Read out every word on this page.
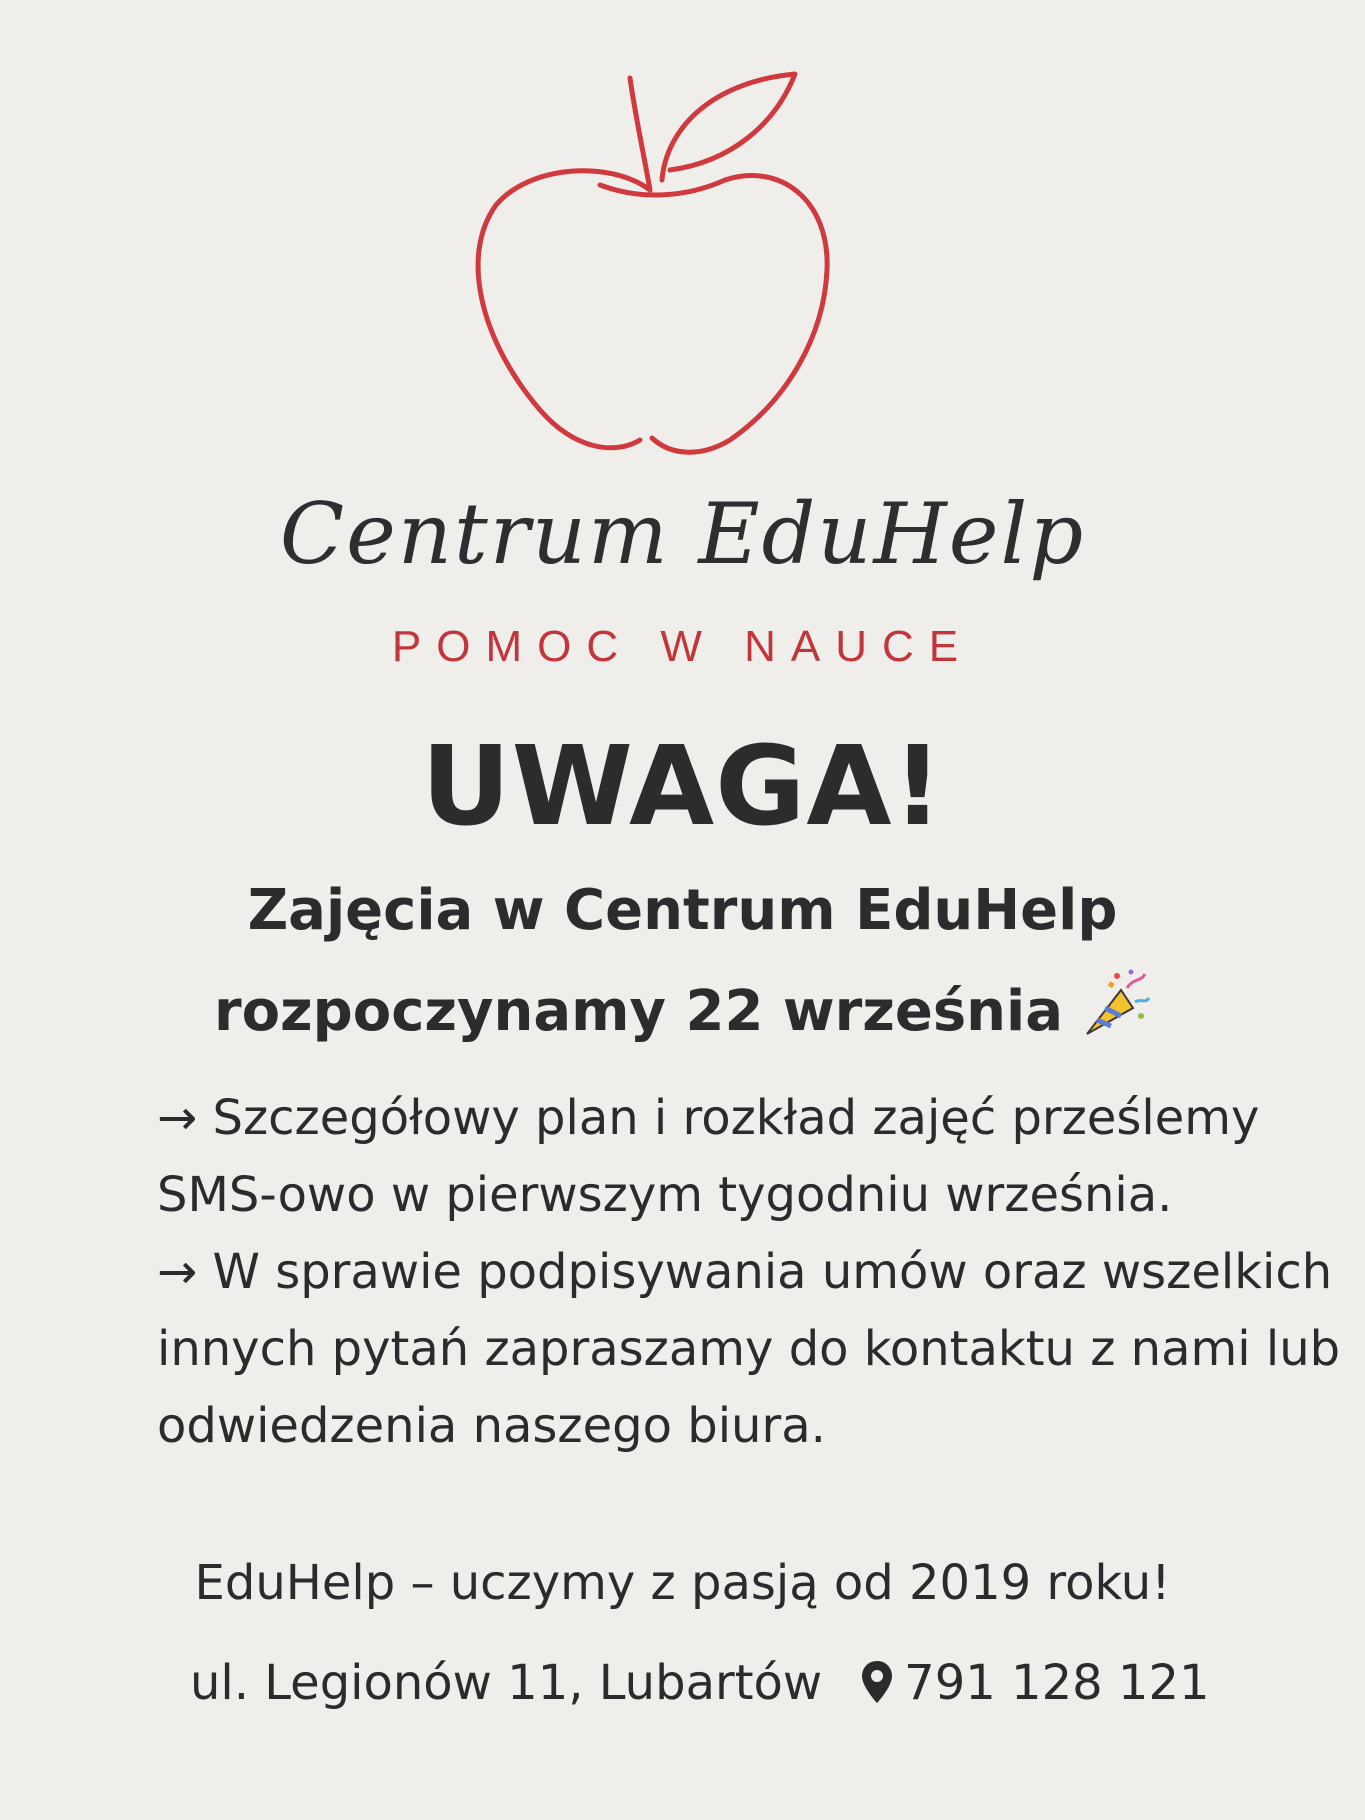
Centrum EduHelp
POMOC W NAUCE
UWAGA!
Zajęcia w Centrum EduHelp
rozpoczynamy 22 września
→ Szczegółowy plan i rozkład zajęć prześlemy SMS-owo w pierwszym tygodniu września.
→ W sprawie podpisywania umów oraz wszelkich innych pytań zapraszamy do kontaktu z nami lub odwiedzenia naszego biura.
EduHelp – uczymy z pasją od 2019 roku!
ul. Legionów 11, Lubartów 791 128 121
